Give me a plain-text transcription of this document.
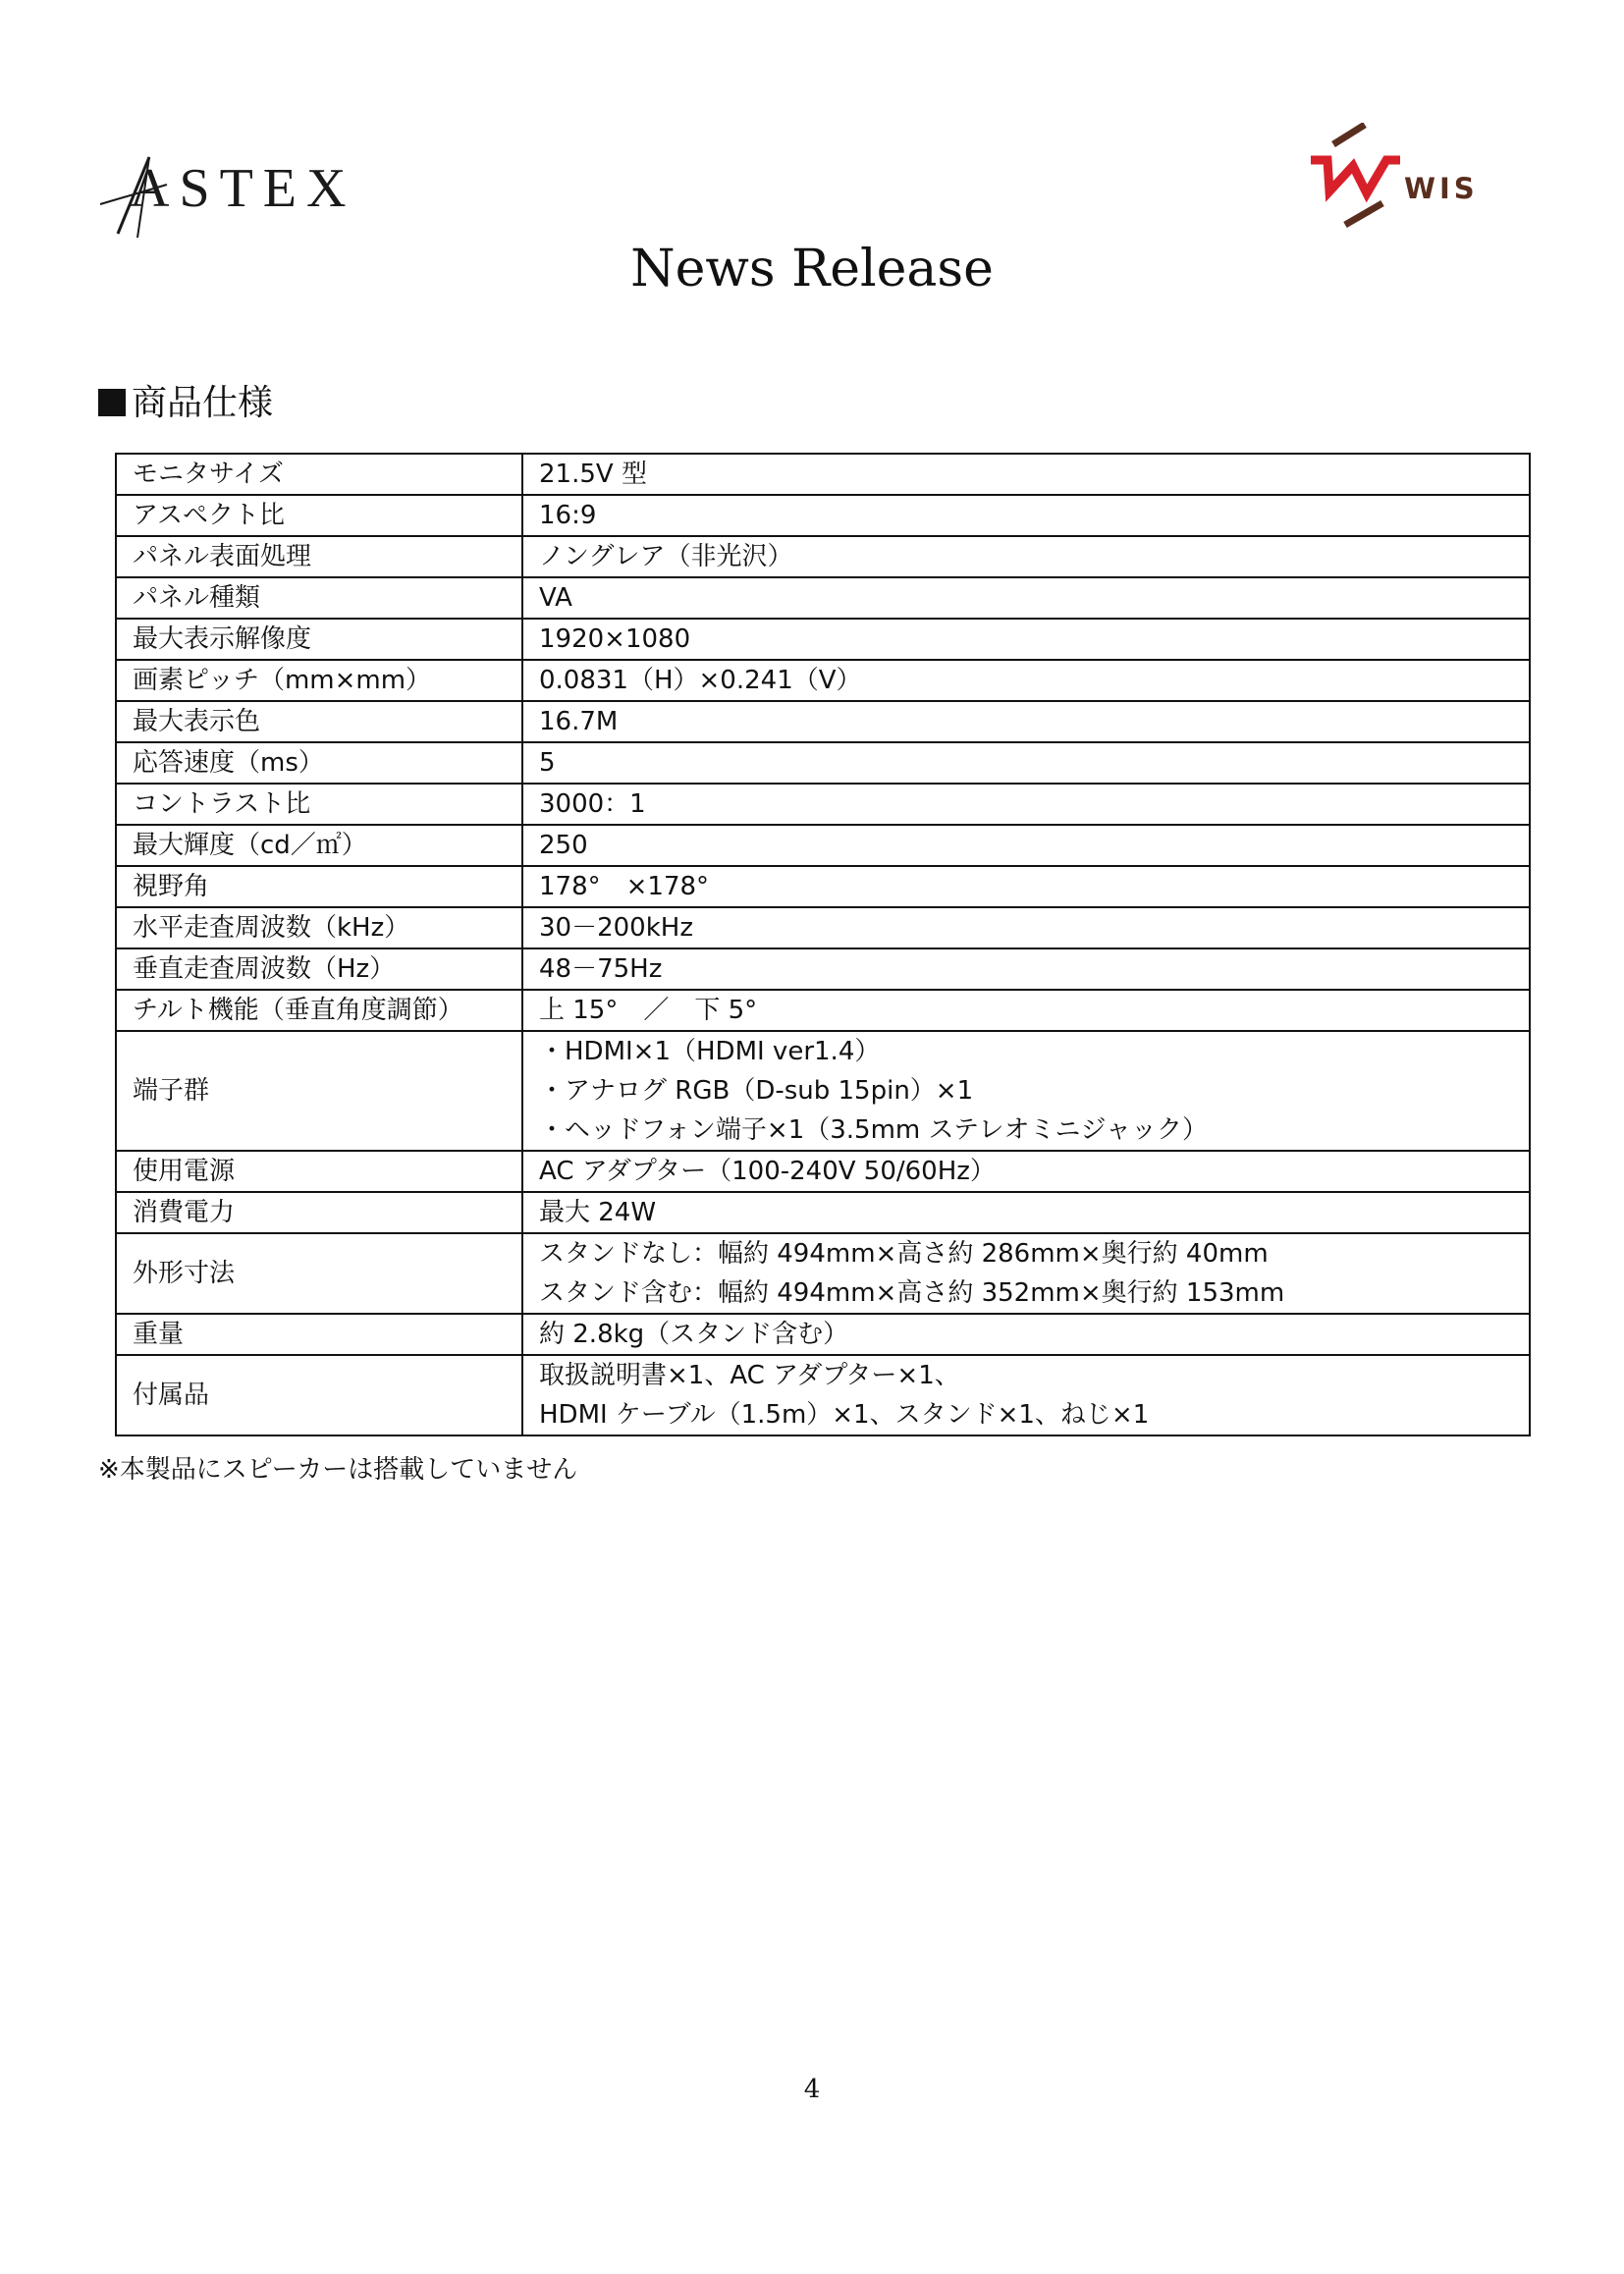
ASTEX	WIS
News Release
商品仕様
モニタサイズ	21.5V 型

アスペクト比	16:9

パネル表面処理	ノングレア（非光沢）

パネル種類	VA

最大表示解像度	1920×1080

画素ピッチ（mm×mm）	0.0831（H）×0.241（V）

最大表示色	16.7M

応答速度（ms）	5

コントラスト比	3000：1

最大輝度（cd／㎡）	250

視野角	178°　×178°

水平走査周波数（kHz）	30－200kHz

垂直走査周波数（Hz）	48－75Hz

チルト機能（垂直角度調節）	上 15°　／　下 5°

端子群	・HDMI×1（HDMI ver1.4）
・アナログ RGB（D-sub 15pin）×1
・ヘッドフォン端子×1（3.5mm ステレオミニジャック）

使用電源	AC アダプター（100-240V 50/60Hz）

消費電力	最大 24W

外形寸法	スタンドなし：幅約 494mm×高さ約 286mm×奥行約 40mm
スタンド含む：幅約 494mm×高さ約 352mm×奥行約 153mm

重量	約 2.8kg（スタンド含む）

付属品	取扱説明書×1、AC アダプター×1、
HDMI ケーブル（1.5m）×1、スタンド×1、ねじ×1
※本製品にスピーカーは搭載していません
4
